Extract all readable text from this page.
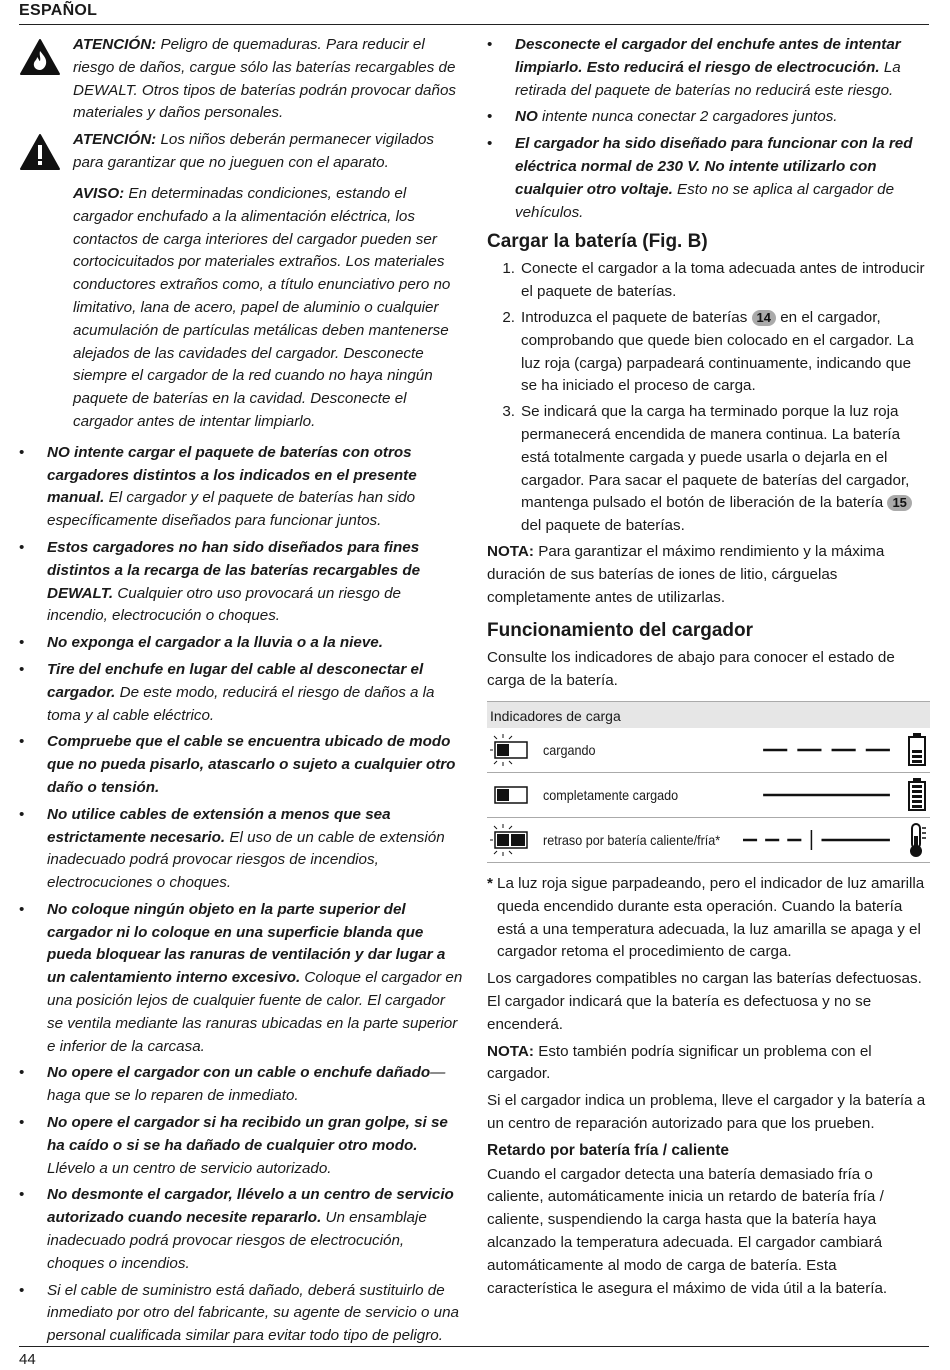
ESPAÑOL
ATENCIÓN: Peligro de quemaduras. Para reducir el riesgo de daños, cargue sólo las baterías recargables de DEWALT. Otros tipos de baterías podrán provocar daños materiales y daños personales.
ATENCIÓN: Los niños deberán permanecer vigilados para garantizar que no jueguen con el aparato.
AVISO: En determinadas condiciones, estando el cargador enchufado a la alimentación eléctrica, los contactos de carga interiores del cargador pueden ser cortocicuitados por materiales extraños. Los materiales conductores extraños como, a título enunciativo pero no limitativo, lana de acero, papel de aluminio o cualquier acumulación de partículas metálicas deben mantenerse alejados de las cavidades del cargador. Desconecte siempre el cargador de la red cuando no haya ningún paquete de baterías en la cavidad. Desconecte el cargador antes de intentar limpiarlo.
•	NO intente cargar el paquete de baterías con otros cargadores distintos a los indicados en el presente manual. El cargador y el paquete de baterías han sido específicamente diseñados para funcionar juntos.
•	Estos cargadores no han sido diseñados para fines distintos a la recarga de las baterías recargables de DEWALT. Cualquier otro uso provocará un riesgo de incendio, electrocución o choques.
•	No exponga el cargador a la lluvia o a la nieve.
•	Tire del enchufe en lugar del cable al desconectar el cargador. De este modo, reducirá el riesgo de daños a la toma y al cable eléctrico.
•	Compruebe que el cable se encuentra ubicado de modo que no pueda pisarlo, atascarlo o sujeto a cualquier otro daño o tensión.
•	No utilice cables de extensión a menos que sea estrictamente necesario. El uso de un cable de extensión inadecuado podrá provocar riesgos de incendios, electrocuciones o choques.
•	No coloque ningún objeto en la parte superior del cargador ni lo coloque en una superficie blanda que pueda bloquear las ranuras de ventilación y dar lugar a un calentamiento interno excesivo. Coloque el cargador en una posición lejos de cualquier fuente de calor. El cargador se ventila mediante las ranuras ubicadas en la parte superior e inferior de la carcasa.
•	No opere el cargador con un cable o enchufe dañado— haga que se lo reparen de inmediato.
•	No opere el cargador si ha recibido un gran golpe, si se ha caído o si se ha dañado de cualquier otro modo. Llévelo a un centro de servicio autorizado.
•	No desmonte el cargador, llévelo a un centro de servicio autorizado cuando necesite repararlo. Un ensamblaje inadecuado podrá provocar riesgos de electrocución, choques o incendios.
•	Si el cable de suministro está dañado, deberá sustituirlo de inmediato por otro del fabricante, su agente de servicio o una personal cualificada similar para evitar todo tipo de peligro.
•	Desconecte el cargador del enchufe antes de intentar limpiarlo. Esto reducirá el riesgo de electrocución. La retirada del paquete de baterías no reducirá este riesgo.
•	NO intente nunca conectar 2 cargadores juntos.
•	El cargador ha sido diseñado para funcionar con la red eléctrica normal de 230 V. No intente utilizarlo con cualquier otro voltaje. Esto no se aplica al cargador de vehículos.
Cargar la batería (Fig. B)
1. Conecte el cargador a la toma adecuada antes de introducir el paquete de baterías.
2. Introduzca el paquete de baterías 14 en el cargador, comprobando que quede bien colocado en el cargador. La luz roja (carga) parpadeará continuamente, indicando que se ha iniciado el proceso de carga.
3. Se indicará que la carga ha terminado porque la luz roja permanecerá encendida de manera continua. La batería está totalmente cargada y puede usarla o dejarla en el cargador. Para sacar el paquete de baterías del cargador, mantenga pulsado el botón de liberación de la batería 15 del paquete de baterías.

NOTA: Para garantizar el máximo rendimiento y la máxima duración de sus baterías de iones de litio, cárguelas completamente antes de utilizarlas.

Funcionamiento del cargador

Consulte los indicadores de abajo para conocer el estado de carga de la batería.

Indicadores de carga
cargando
completamente cargado
retraso por batería caliente/fría*
* La luz roja sigue parpadeando, pero el indicador de luz amarilla queda encendido durante esta operación. Cuando la batería está a una temperatura adecuada, la luz amarilla se apaga y el cargador retoma el procedimiento de carga.

Los cargadores compatibles no cargan las baterías defectuosas. El cargador indicará que la batería es defectuosa y no se encenderá.

NOTA: Esto también podría significar un problema con el cargador.

Si el cargador indica un problema, lleve el cargador y la batería a un centro de reparación autorizado para que los prueben.

Retardo por batería fría / caliente

Cuando el cargador detecta una batería demasiado fría o caliente, automáticamente inicia un retardo de batería fría / caliente, suspendiendo la carga hasta que la batería haya alcanzado la temperatura adecuada. El cargador cambiará automáticamente al modo de carga de batería. Esta característica le asegura el máximo de vida útil a la batería.

44
